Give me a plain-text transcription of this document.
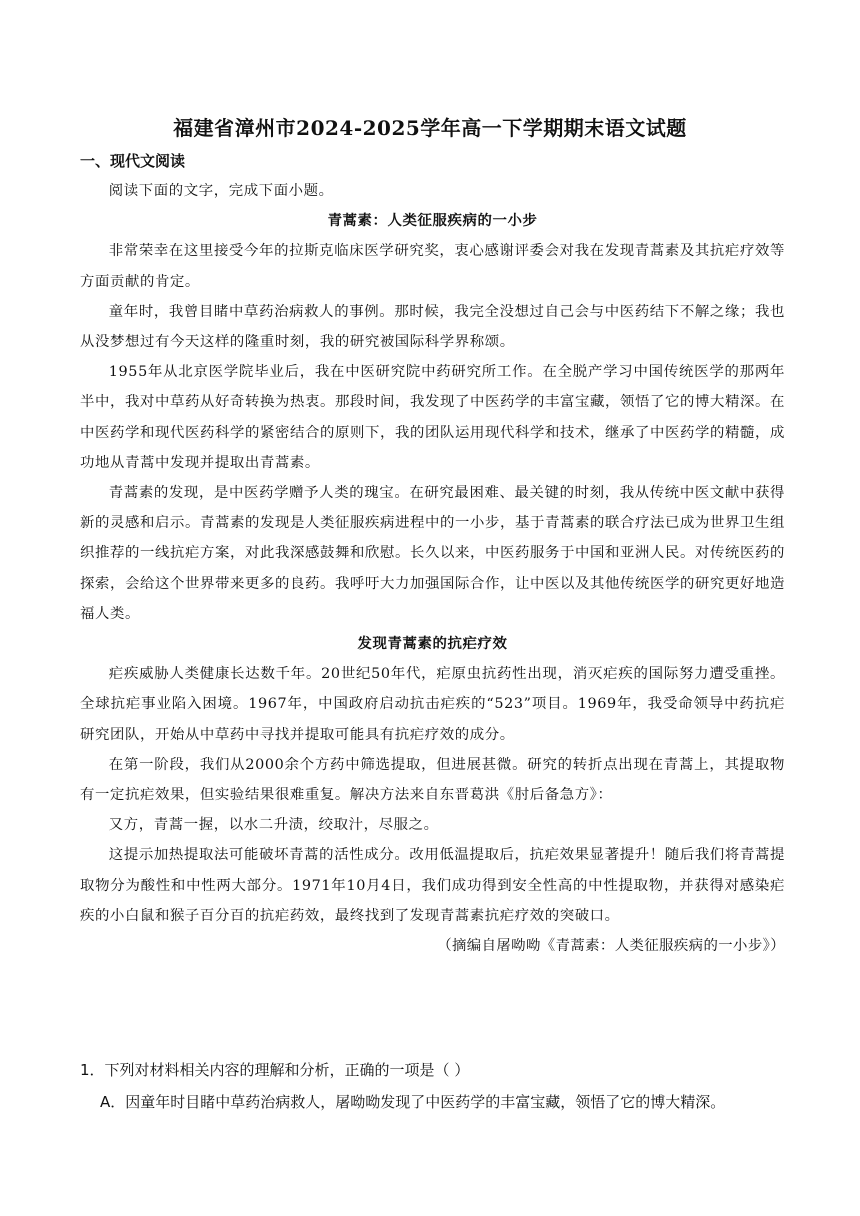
福建省漳州市2024-2025学年高一下学期期末语文试题
一、现代文阅读

阅读下面的文字，完成下面小题。

青蒿素：人类征服疾病的一小步

非常荣幸在这里接受今年的拉斯克临床医学研究奖，衷心感谢评委会对我在发现青蒿素及其抗疟疗效等方面贡献的肯定。

童年时，我曾目睹中草药治病救人的事例。那时候，我完全没想过自己会与中医药结下不解之缘；我也从没梦想过有今天这样的隆重时刻，我的研究被国际科学界称颂。

1955年从北京医学院毕业后，我在中医研究院中药研究所工作。在全脱产学习中国传统医学的那两年半中，我对中草药从好奇转换为热衷。那段时间，我发现了中医药学的丰富宝藏，领悟了它的博大精深。在中医药学和现代医药科学的紧密结合的原则下，我的团队运用现代科学和技术，继承了中医药学的精髓，成功地从青蒿中发现并提取出青蒿素。

青蒿素的发现，是中医药学赠予人类的瑰宝。在研究最困难、最关键的时刻，我从传统中医文献中获得新的灵感和启示。青蒿素的发现是人类征服疾病进程中的一小步，基于青蒿素的联合疗法已成为世界卫生组织推荐的一线抗疟方案，对此我深感鼓舞和欣慰。长久以来，中医药服务于中国和亚洲人民。对传统医药的探索，会给这个世界带来更多的良药。我呼吁大力加强国际合作，让中医以及其他传统医学的研究更好地造福人类。

发现青蒿素的抗疟疗效

疟疾威胁人类健康长达数千年。20世纪50年代，疟原虫抗药性出现，消灭疟疾的国际努力遭受重挫。全球抗疟事业陷入困境。1967年，中国政府启动抗击疟疾的“523”项目。1969年，我受命领导中药抗疟研究团队，开始从中草药中寻找并提取可能具有抗疟疗效的成分。

在第一阶段，我们从2000余个方药中筛选提取，但进展甚微。研究的转折点出现在青蒿上，其提取物有一定抗疟效果，但实验结果很难重复。解决方法来自东晋葛洪《肘后备急方》：

又方，青蒿一握，以水二升渍，绞取汁，尽服之。

这提示加热提取法可能破坏青蒿的活性成分。改用低温提取后，抗疟效果显著提升！随后我们将青蒿提取物分为酸性和中性两大部分。1971年10月4日，我们成功得到安全性高的中性提取物，并获得对感染疟疾的小白鼠和猴子百分百的抗疟药效，最终找到了发现青蒿素抗疟疗效的突破口。

（摘编自屠呦呦《青蒿素：人类征服疾病的一小步》）

1．下列对材料相关内容的理解和分析，正确的一项是（ ）

A．因童年时目睹中草药治病救人，屠呦呦发现了中医药学的丰富宝藏，领悟了它的博大精深。
